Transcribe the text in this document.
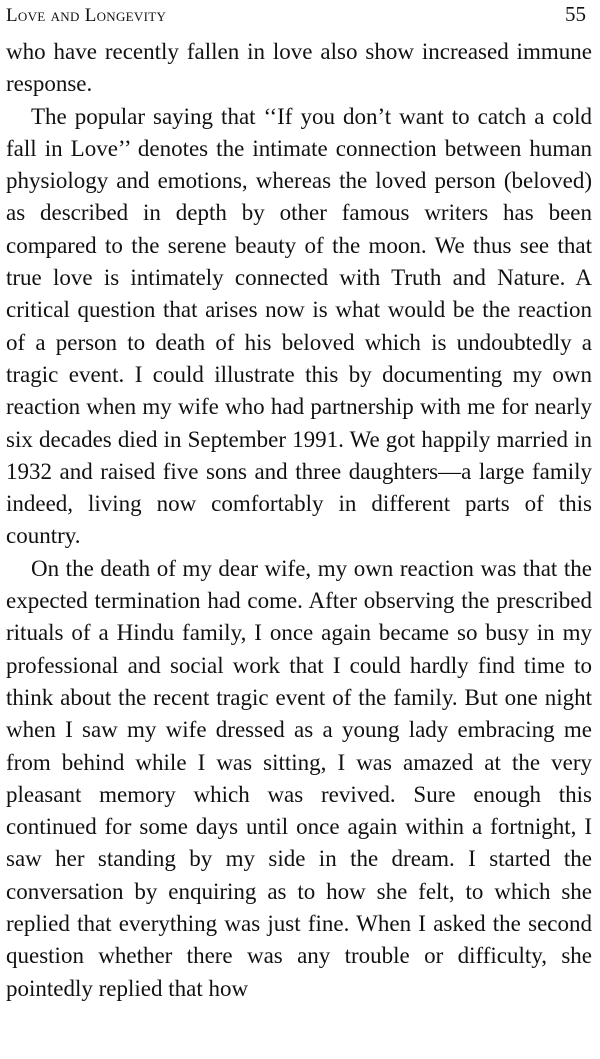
Love and Longevity	55

who have recently fallen in love also show increased immune response.

The popular saying that ‘‘If you don’t want to catch a cold fall in Love’’ denotes the intimate connection between human physiology and emotions, whereas the loved person (beloved) as described in depth by other famous writers has been compared to the serene beauty of the moon. We thus see that true love is intimately connected with Truth and Nature. A critical question that arises now is what would be the reaction of a person to death of his beloved which is undoubtedly a tragic event. I could illustrate this by documenting my own reaction when my wife who had partnership with me for nearly six decades died in September 1991. We got happily married in 1932 and raised five sons and three daughters—a large family indeed, living now comfortably in different parts of this country.

On the death of my dear wife, my own reaction was that the expected termination had come. After observing the prescribed rituals of a Hindu family, I once again became so busy in my professional and social work that I could hardly find time to think about the recent tragic event of the family. But one night when I saw my wife dressed as a young lady embracing me from behind while I was sitting, I was amazed at the very pleasant memory which was revived. Sure enough this continued for some days until once again within a fortnight, I saw her standing by my side in the dream. I started the conversation by enquiring as to how she felt, to which she replied that everything was just fine. When I asked the second question whether there was any trouble or difficulty, she pointedly replied that how
